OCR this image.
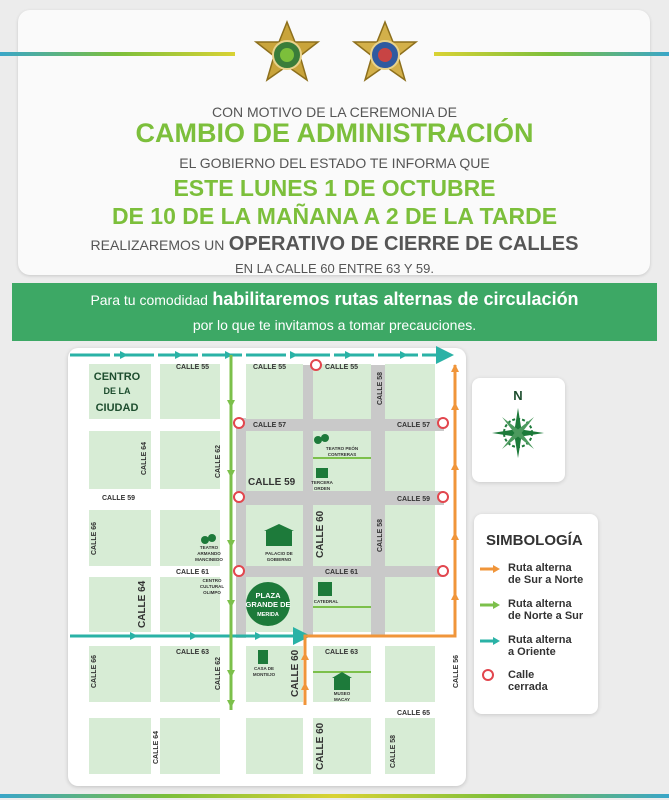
CON MOTIVO DE LA CEREMONIA DE

CAMBIO DE ADMINISTRACIÓN

EL GOBIERNO DEL ESTADO TE INFORMA QUE

ESTE LUNES 1 DE OCTUBRE

DE 10 DE LA MAÑANA A 2 DE LA TARDE

REALIZAREMOS UN OPERATIVO DE CIERRE DE CALLES

EN LA CALLE 60 ENTRE 63 Y 59.

Para tu comodidad habilitaremos rutas alternas de circulación
por lo que te invitamos a tomar precauciones.
CALLE 55	CALLE 55	CALLE 55
CALLE 57	CALLE 57
CALLE 59
CALLE 59
CALLE 59
CALLE 61	CALLE 61
CALLE 63	CALLE 63
CALLE 65
CALLE 58
CALLE 58
CALLE 58
CALLE 64
CALLE 64
CALLE 64
CALLE 62
CALLE 62
CALLE 66
CALLE 66
CALLE 60
CALLE 60
CALLE 60
CALLE 56
CENTRO
DE LA
CIUDAD
TEATRO PEÓN
CONTRERAS
TERCERA
ORDEN
TEATRO
ARMANDO
MANCINEDO
PALACIO DE
GOBIERNO
CENTRO
CULTURAL
OLIMPO
CATEDRAL
CASA DE
MONTEJO
MUSEO
MACAY
PLAZA
GRANDE DE
MERIDA
N
SIMBOLOGÍA
Ruta alterna
de Sur a Norte
Ruta alterna
de Norte a Sur
Ruta alterna
a Oriente
Calle
cerrada
